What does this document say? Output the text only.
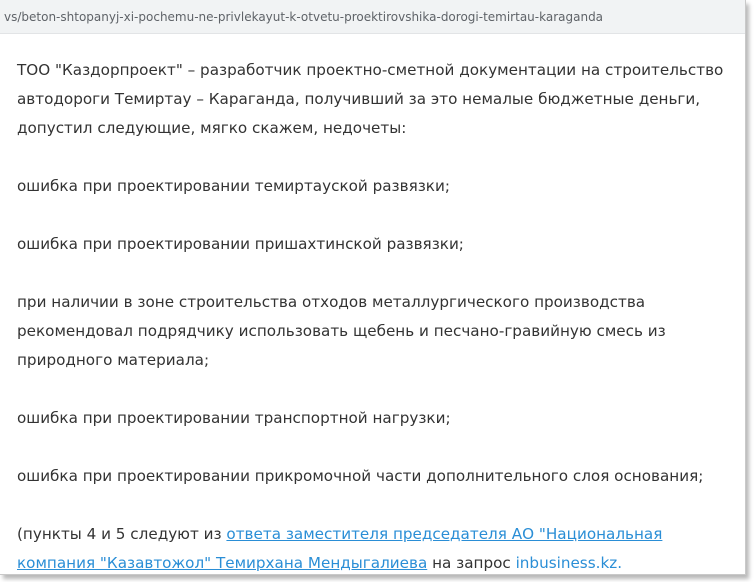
vs/beton-shtopanyj-xi-pochemu-ne-privlekayut-k-otvetu-proektirovshika-dorogi-temirtau-karaganda

ТОО "Каздорпроект" – разработчик проектно-сметной документации на строительство автодороги Темиртау – Караганда, получивший за это немалые бюджетные деньги, допустил следующие, мягко скажем, недочеты:

ошибка при проектировании темиртауской развязки;

ошибка при проектировании пришахтинской развязки;

при наличии в зоне строительства отходов металлургического производства рекомендовал подрядчику использовать щебень и песчано-гравийную смесь из природного материала;

ошибка при проектировании транспортной нагрузки;

ошибка при проектировании прикромочной части дополнительного слоя основания;

(пункты 4 и 5 следуют из ответа заместителя председателя АО "Национальная компания "Казавтожол" Темирхана Мендыгалиева на запрос inbusiness.kz.
